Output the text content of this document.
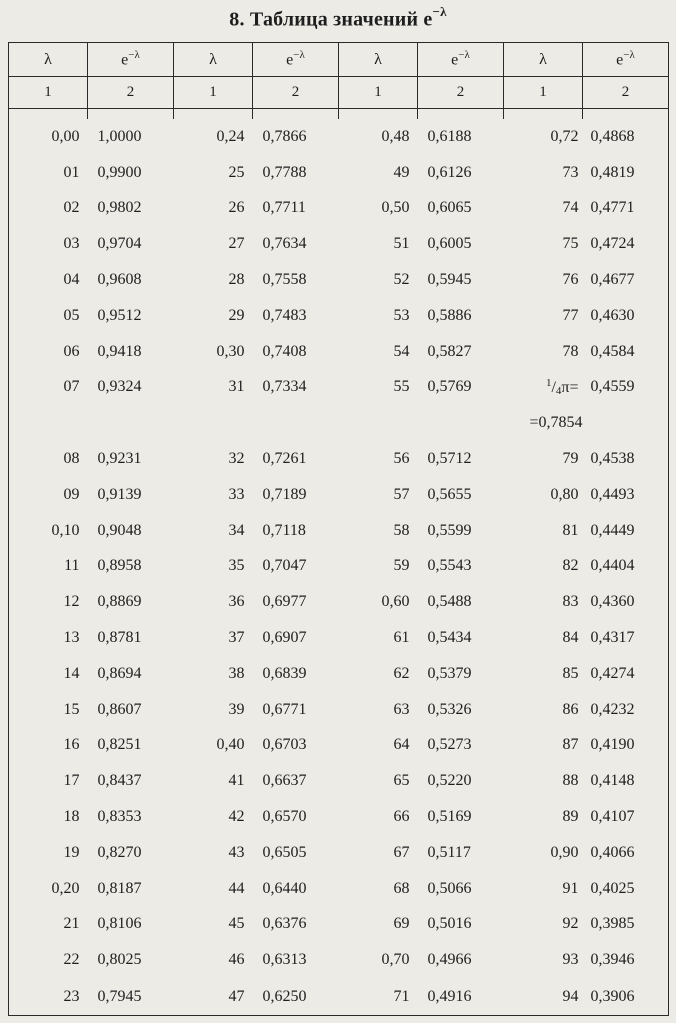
8. Таблица значений $e^{-\lambda}$
λ	$e^{-\lambda}$	λ	$e^{-\lambda}$	λ	$e^{-\lambda}$	λ	$e^{-\lambda}$
1	2	1	2	1	2	1	2

0,00	1,0000	0,24	0,7866	0,48	0,6188	0,72	0,4868
01	0,9900	25	0,7788	49	0,6126	73	0,4819
02	0,9802	26	0,7711	0,50	0,6065	74	0,4771
03	0,9704	27	0,7634	51	0,6005	75	0,4724
04	0,9608	28	0,7558	52	0,5945	76	0,4677
05	0,9512	29	0,7483	53	0,5886	77	0,4630
06	0,9418	0,30	0,7408	54	0,5827	78	0,4584
07	0,9324	31	0,7334	55	0,5769	$^1/_4\pi=$	0,4559
						=0,7854	
08	0,9231	32	0,7261	56	0,5712	79	0,4538
09	0,9139	33	0,7189	57	0,5655	0,80	0,4493
0,10	0,9048	34	0,7118	58	0,5599	81	0,4449
11	0,8958	35	0,7047	59	0,5543	82	0,4404
12	0,8869	36	0,6977	0,60	0,5488	83	0,4360
13	0,8781	37	0,6907	61	0,5434	84	0,4317
14	0,8694	38	0,6839	62	0,5379	85	0,4274
15	0,8607	39	0,6771	63	0,5326	86	0,4232
16	0,8251	0,40	0,6703	64	0,5273	87	0,4190
17	0,8437	41	0,6637	65	0,5220	88	0,4148
18	0,8353	42	0,6570	66	0,5169	89	0,4107
19	0,8270	43	0,6505	67	0,5117	0,90	0,4066
0,20	0,8187	44	0,6440	68	0,5066	91	0,4025
21	0,8106	45	0,6376	69	0,5016	92	0,3985
22	0,8025	46	0,6313	0,70	0,4966	93	0,3946
23	0,7945	47	0,6250	71	0,4916	94	0,3906
